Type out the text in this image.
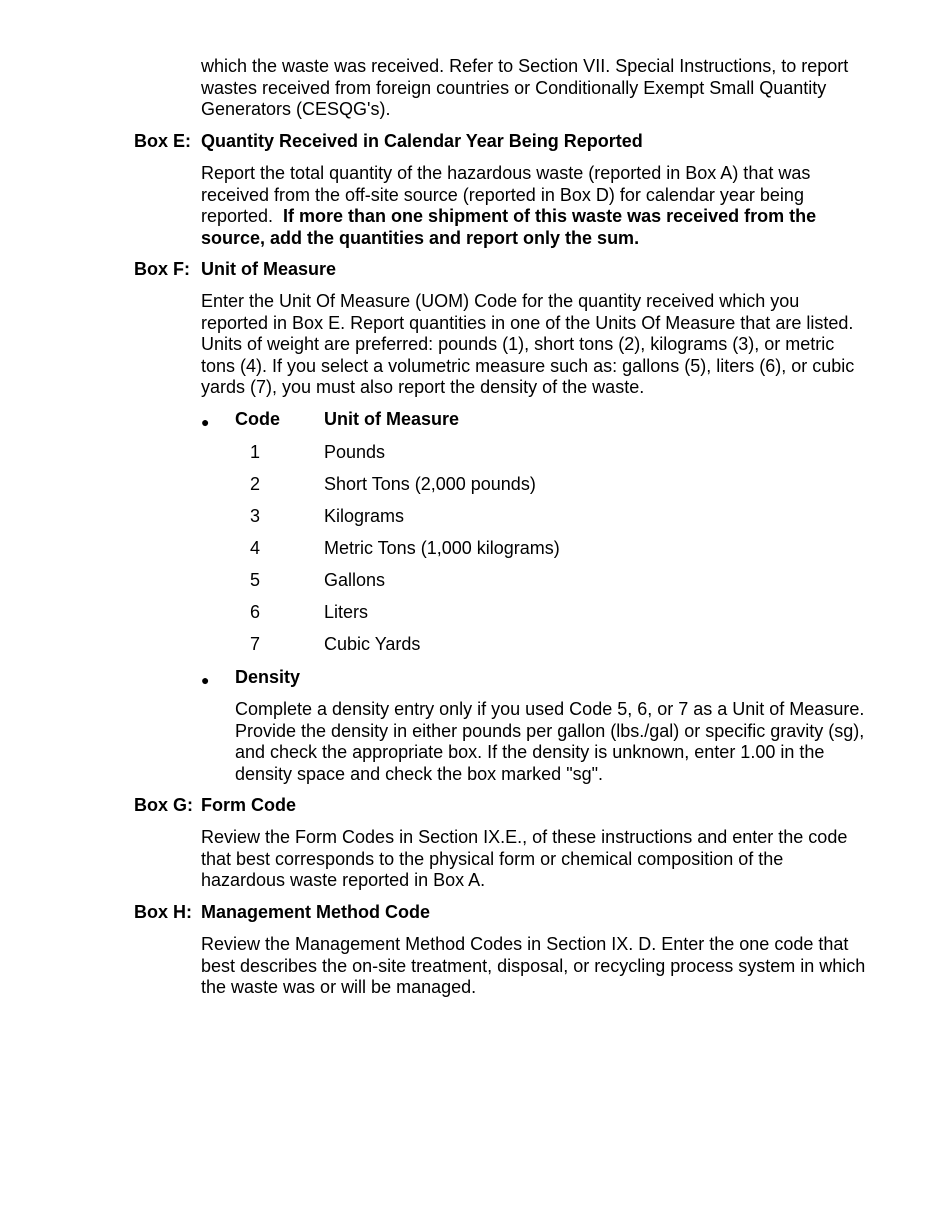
which the waste was received. Refer to Section VII. Special Instructions, to report
wastes received from foreign countries or Conditionally Exempt Small Quantity
Generators (CESQG's).

Box E: Quantity Received in Calendar Year Being Reported

Report the total quantity of the hazardous waste (reported in Box A) that was
received from the off-site source (reported in Box D) for calendar year being
reported.  If more than one shipment of this waste was received from the
source, add the quantities and report only the sum.

Box F: Unit of Measure

Enter the Unit Of Measure (UOM) Code for the quantity received which you
reported in Box E. Report quantities in one of the Units Of Measure that are listed.
Units of weight are preferred: pounds (1), short tons (2), kilograms (3), or metric
tons (4). If you select a volumetric measure such as: gallons (5), liters (6), or cubic
yards (7), you must also report the density of the waste.

● Code Unit of Measure
1	Pounds
2	Short Tons (2,000 pounds)
3	Kilograms
4	Metric Tons (1,000 kilograms)
5	Gallons
6	Liters
7	Cubic Yards
● Density

Complete a density entry only if you used Code 5, 6, or 7 as a Unit of Measure.
Provide the density in either pounds per gallon (lbs./gal) or specific gravity (sg),
and check the appropriate box. If the density is unknown, enter 1.00 in the
density space and check the box marked "sg".

Box G: Form Code

Review the Form Codes in Section IX.E., of these instructions and enter the code
that best corresponds to the physical form or chemical composition of the
hazardous waste reported in Box A.

Box H: Management Method Code

Review the Management Method Codes in Section IX. D. Enter the one code that
best describes the on-site treatment, disposal, or recycling process system in which
the waste was or will be managed.
